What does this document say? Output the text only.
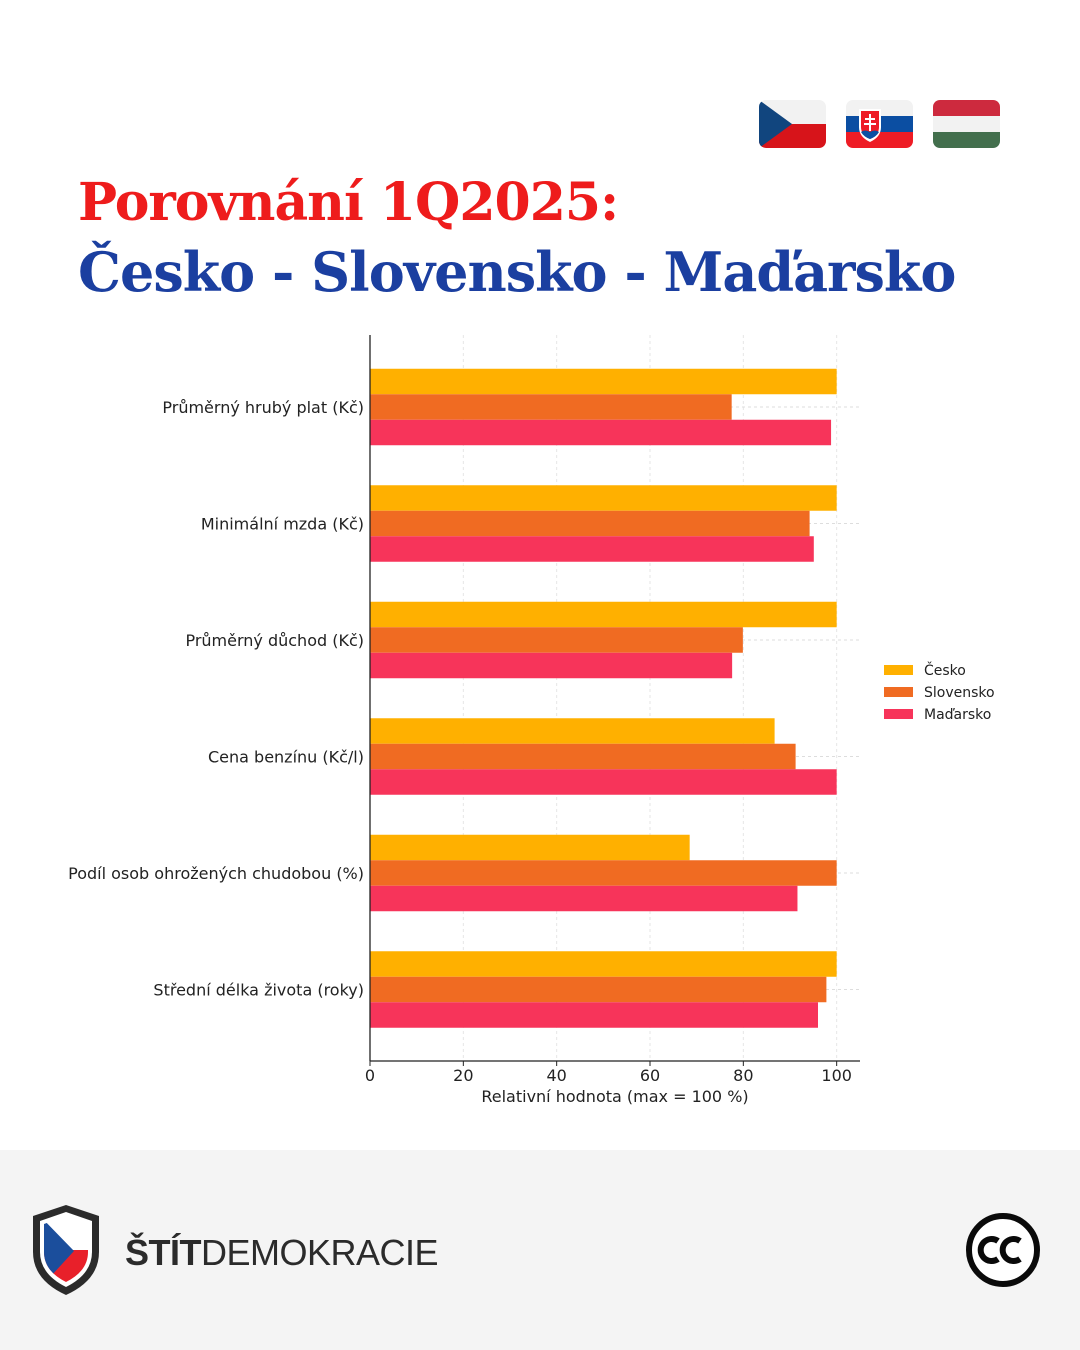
Porovnání 1Q2025:
Česko - Slovensko - Maďarsko
Průměrný hrubý plat (Kč)
Minimální mzda (Kč)
Průměrný důchod (Kč)
Cena benzínu (Kč/l)
Podíl osob ohrožených chudobou (%)
Střední délka života (roky)
0	20	40	60	80	100
Relativní hodnota (max = 100 %)
Česko
Slovensko
Maďarsko
ŠTÍTDEMOKRACIE
